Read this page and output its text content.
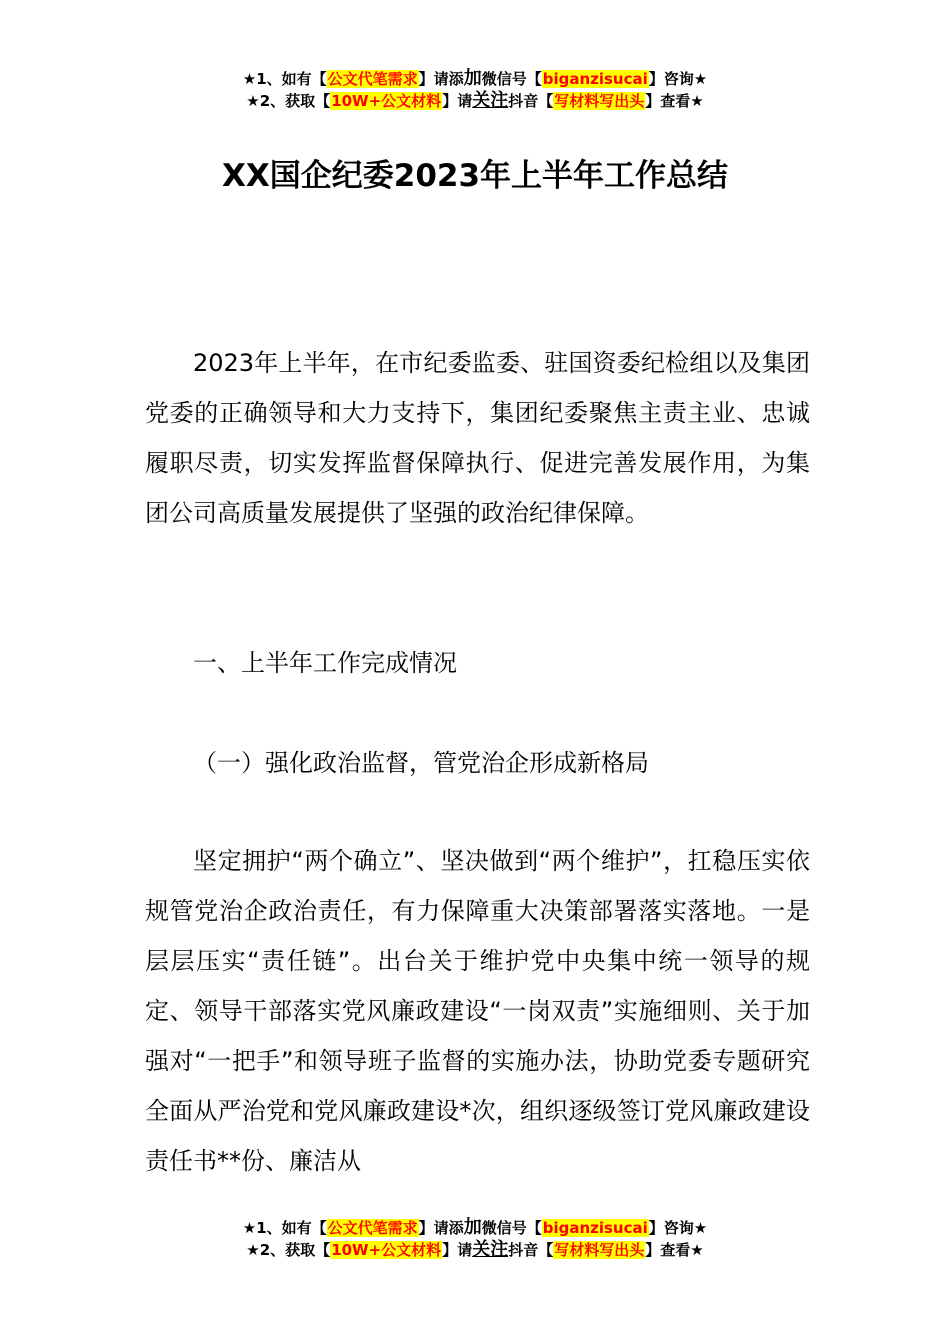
★1、如有【公文代笔需求】请添加微信号【biganzisucai】咨询★
★2、获取【10W+公文材料】请关注抖音【写材料写出头】查看★
XX国企纪委2023年上半年工作总结

2023年上半年，在市纪委监委、驻国资委纪检组以及集团党委的正确领导和大力支持下，集团纪委聚焦主责主业、忠诚履职尽责，切实发挥监督保障执行、促进完善发展作用，为集团公司高质量发展提供了坚强的政治纪律保障。

一、上半年工作完成情况

（一）强化政治监督，管党治企形成新格局

坚定拥护“两个确立”、坚决做到“两个维护”，扛稳压实依规管党治企政治责任，有力保障重大决策部署落实落地。一是层层压实“责任链”。出台关于维护党中央集中统一领导的规定、领导干部落实党风廉政建设“一岗双责”实施细则、关于加强对“一把手”和领导班子监督的实施办法，协助党委专题研究全面从严治党和党风廉政建设*次，组织逐级签订党风廉政建设责任书**份、廉洁从

★1、如有【公文代笔需求】请添加微信号【biganzisucai】咨询★
★2、获取【10W+公文材料】请关注抖音【写材料写出头】查看★
